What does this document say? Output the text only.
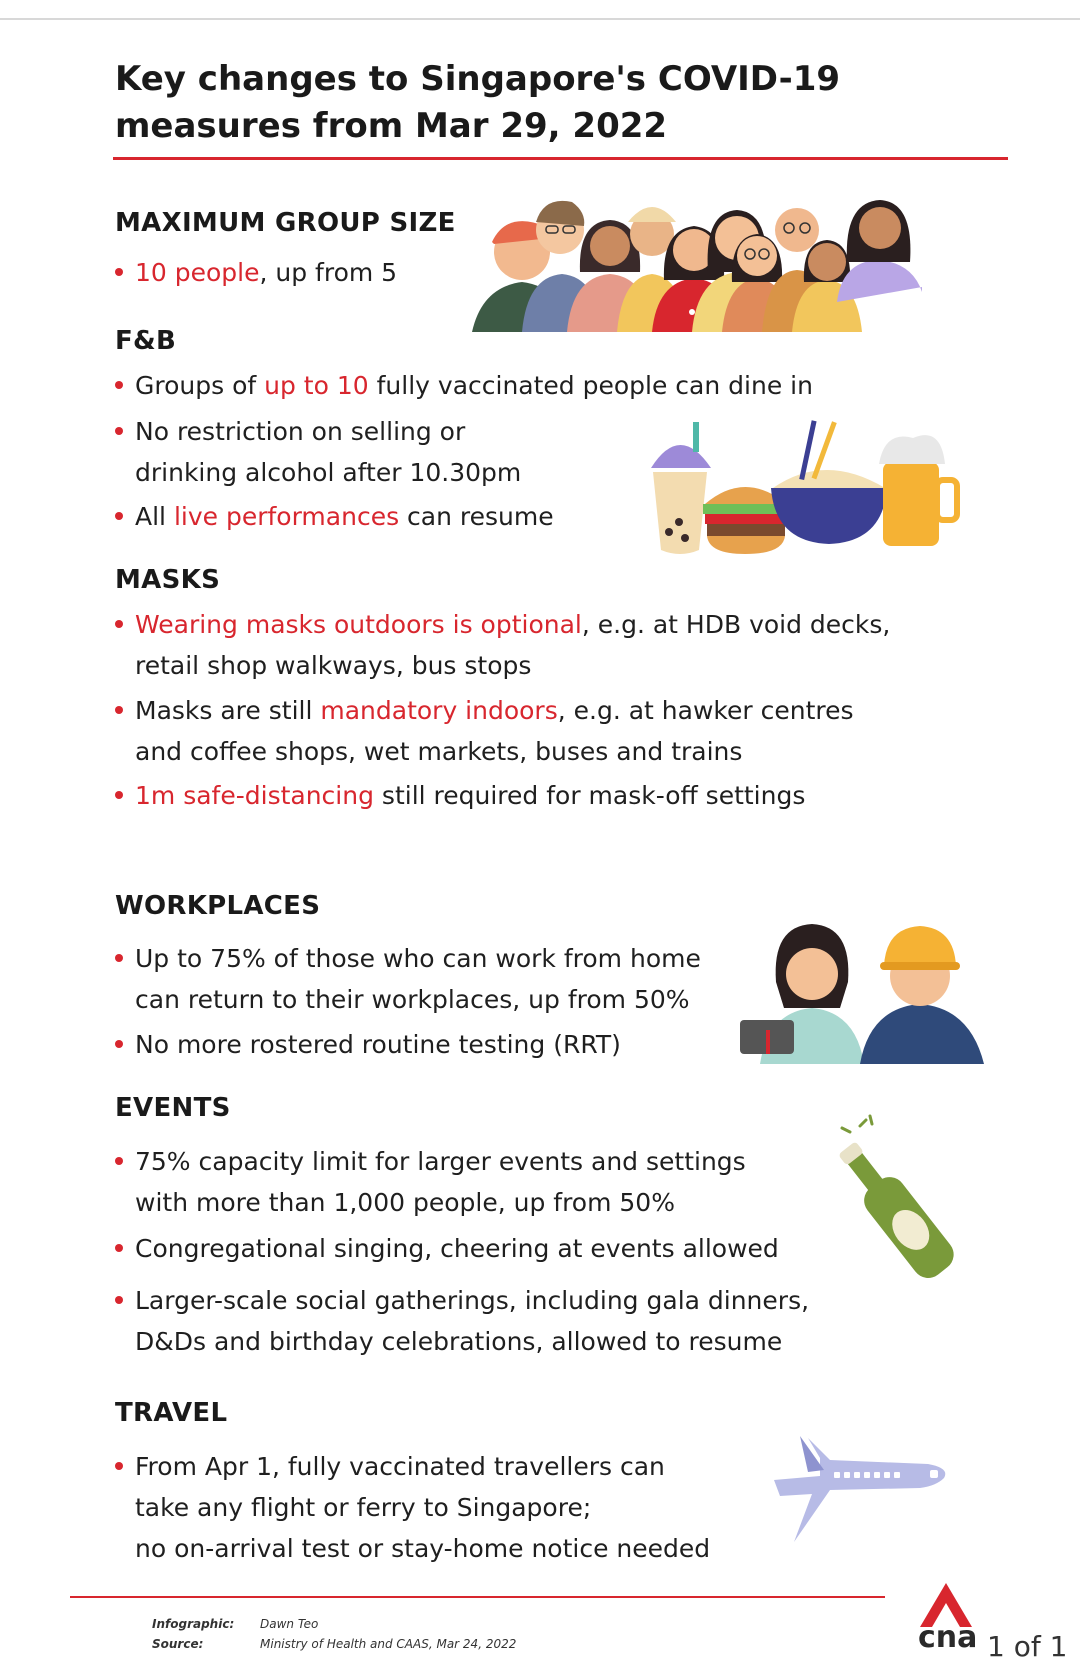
Key changes to Singapore's COVID-19 measures from Mar 29, 2022
MAXIMUM GROUP SIZE
10 people, up from 5
F&B
Groups of up to 10 fully vaccinated people can dine in
No restriction on selling or
drinking alcohol after 10.30pm
All live performances can resume
MASKS
Wearing masks outdoors is optional, e.g. at HDB void decks,
retail shop walkways, bus stops
Masks are still mandatory indoors, e.g. at hawker centres
and coffee shops, wet markets, buses and trains
1m safe-distancing still required for mask-off settings
WORKPLACES
Up to 75% of those who can work from home
can return to their workplaces, up from 50%
No more rostered routine testing (RRT)
EVENTS
75% capacity limit for larger events and settings
with more than 1,000 people, up from 50%
Congregational singing, cheering at events allowed
Larger-scale social gatherings, including gala dinners,
D&Ds and birthday celebrations, allowed to resume
TRAVEL
From Apr 1, fully vaccinated travellers can
take any flight or ferry to Singapore;
no on-arrival test or stay-home notice needed
Infographic: Dawn Teo
Source:	Ministry of Health and CAAS, Mar 24, 2022	cna 1 of 1
